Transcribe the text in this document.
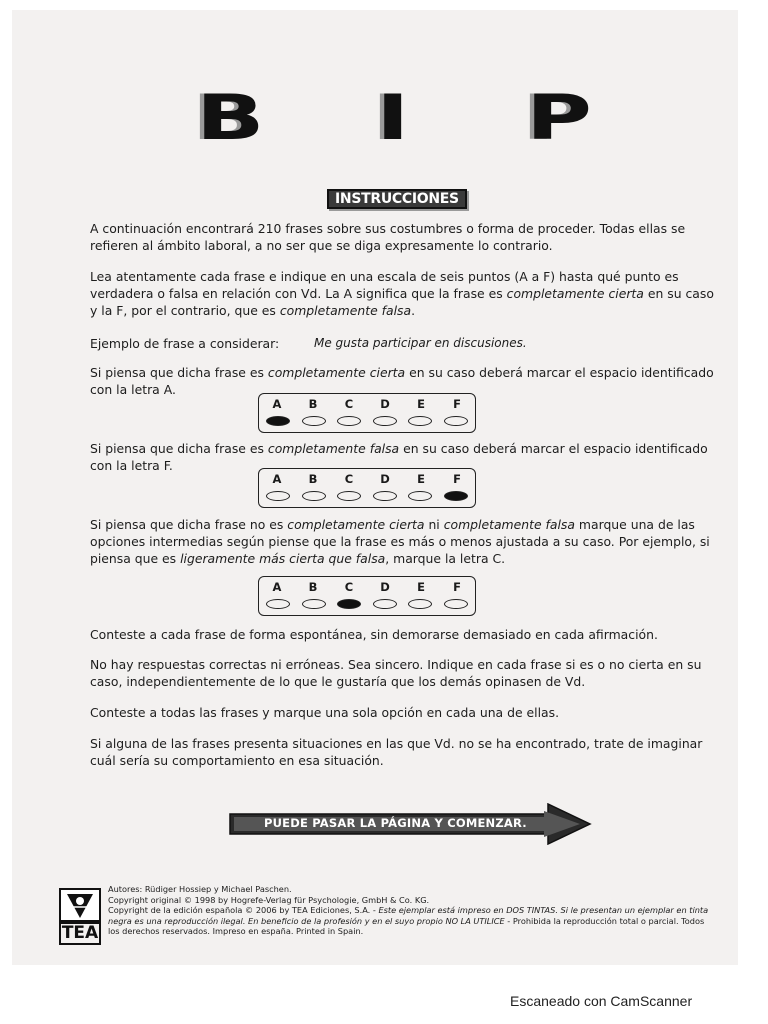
B I P
INSTRUCCIONES
A continuación encontrará 210 frases sobre sus costumbres o forma de proceder. Todas ellas se refieren al ámbito laboral, a no ser que se diga expresamente lo contrario.
Lea atentamente cada frase e indique en una escala de seis puntos (A a F) hasta qué punto es verdadera o falsa en relación con Vd. La A significa que la frase es completamente cierta en su caso y la F, por el contrario, que es completamente falsa.
Ejemplo de frase a considerar:	Me gusta participar en discusiones.
Si piensa que dicha frase es completamente cierta en su caso deberá marcar el espacio identificado con la letra A.
A	B	C	D	E	F
Si piensa que dicha frase es completamente falsa en su caso deberá marcar el espacio identificado con la letra F.
A	B	C	D	E	F
Si piensa que dicha frase no es completamente cierta ni completamente falsa marque una de las opciones intermedias según piense que la frase es más o menos ajustada a su caso. Por ejemplo, si piensa que es ligeramente más cierta que falsa, marque la letra C.
A	B	C	D	E	F
Conteste a cada frase de forma espontánea, sin demorarse demasiado en cada afirmación.
No hay respuestas correctas ni erróneas. Sea sincero. Indique en cada frase si es o no cierta en su caso, independientemente de lo que le gustaría que los demás opinasen de Vd.
Conteste a todas las frases y marque una sola opción en cada una de ellas.
Si alguna de las frases presenta situaciones en las que Vd. no se ha encontrado, trate de imaginar cuál sería su comportamiento en esa situación.
PUEDE PASAR LA PÁGINA Y COMENZAR.
TEA
Autores: Rüdiger Hossiep y Michael Paschen.
Copyright original © 1998 by Hogrefe-Verlag für Psychologie, GmbH & Co. KG.
Copyright de la edición española © 2006 by TEA Ediciones, S.A. - Este ejemplar está impreso en DOS TINTAS. Si le presentan un ejemplar en tinta negra es una reproducción ilegal. En beneficio de la profesión y en el suyo propio NO LA UTILICE - Prohibida la reproducción total o parcial. Todos los derechos reservados. Impreso en españa. Printed in Spain.
Escaneado con CamScanner
